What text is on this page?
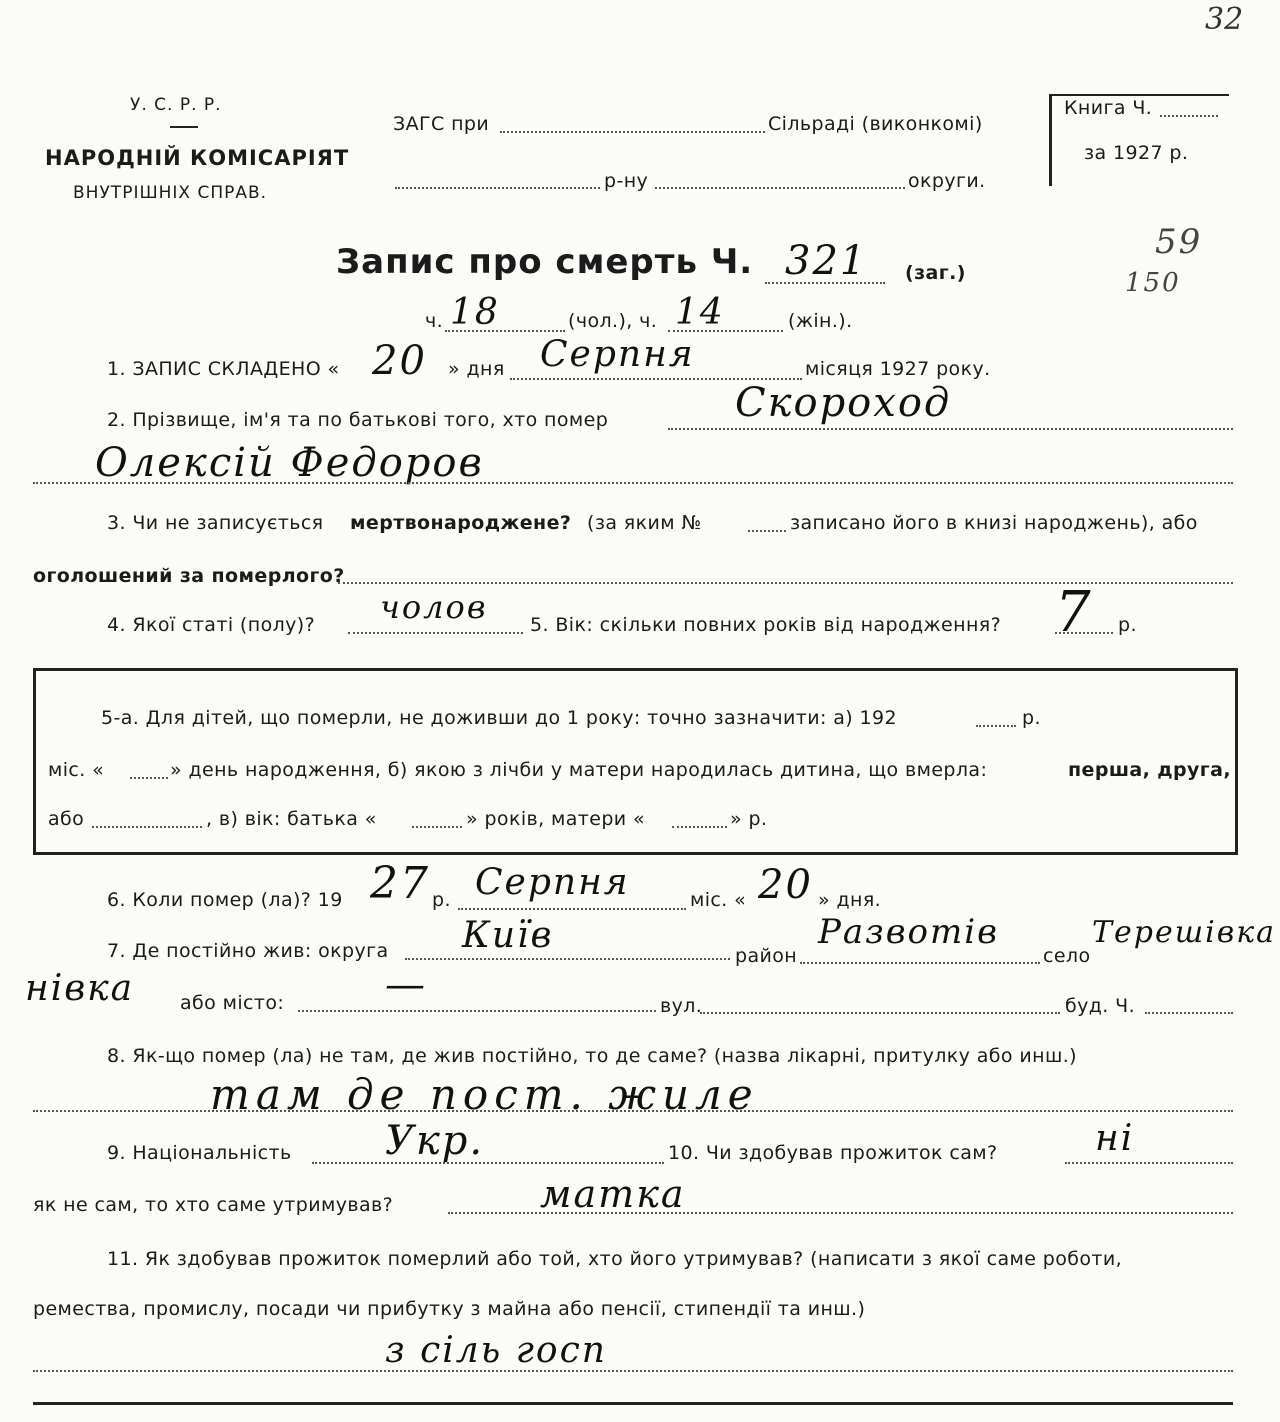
У. С. Р. Р.
НАРОДНІЙ КОМІСАРІЯТ
ВНУТРІШНІХ СПРАВ.
ЗАГС при	Сільраді (виконкомі)
р-ну	округи.
Книга Ч.
за 1927 р.
32
Запис про смерть Ч. 321 (заг.)
59
150
ч. 18	(чол.), ч. 14	(жін.).
1. ЗАПИС СКЛАДЕНО « 20 » дня Серпня	місяця 1927 року.
2. Прізвище, ім'я та по батькові того, хто помер	Скороход
Олексій Федоров
3. Чи не записується мертвонароджене? (за яким №	записано його в книзі народжень), або
оголошений за померлого?
4. Якої статі (полу)? чолов 5. Вік: скільки повних років від народження? 7 р.
5-а. Для дітей, що померли, не доживши до 1 року: точно зазначити: а) 192	р.
міс. «	» день народження, б) якою з лічби у матери народилась дитина, що вмерла:	перша, друга,
або	, в) вік: батька «	» років, матери «	» р.
6. Коли помер (ла)? 19 27 р. Серпня	міс. « 20 » дня.
7. Де постійно жив: округа Київ	район
Развотів
село
Терешівка
нівка або місто:	—	вул.	буд. Ч.
8. Як-що помер (ла) не там, де жив постійно, то де саме? (назва лікарні, притулку або инш.)
там де пост. жиле
9. Національність Укр.	10. Чи здобував прожиток сам?	ні
як не сам, то хто саме утримував?	матка
11. Як здобував прожиток померлий або той, хто його утримував? (написати з якої саме роботи,
ремества, промислу, посади чи прибутку з майна або пенсії, стипендії та инш.)
з сіль госп
